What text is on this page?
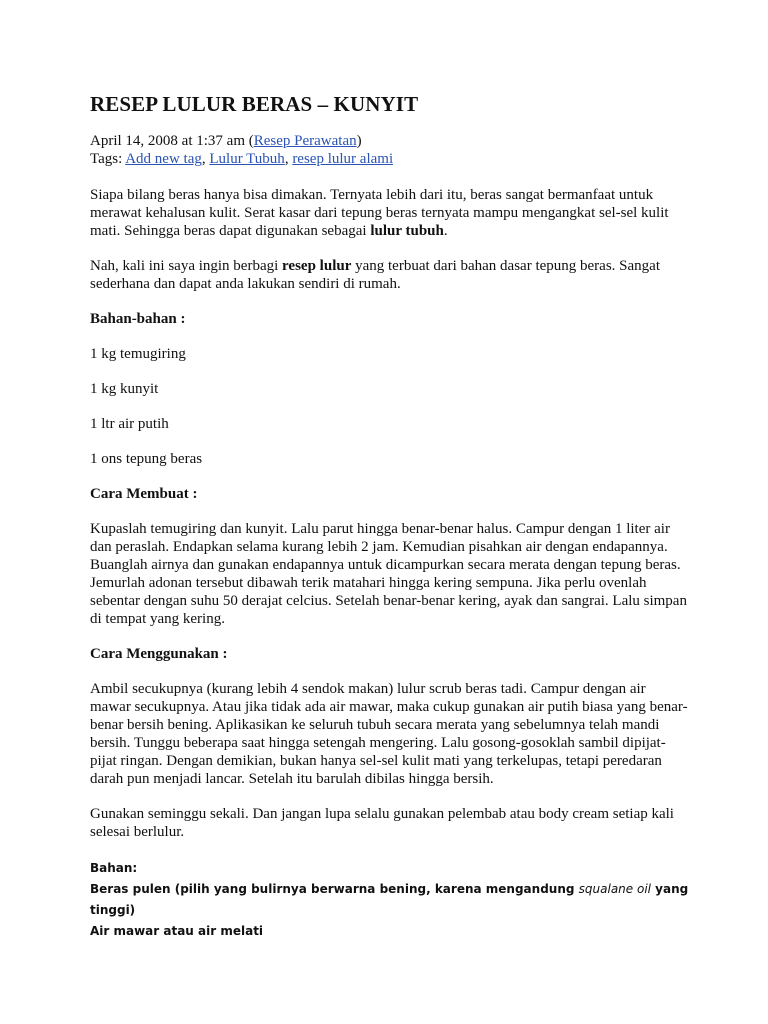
RESEP LULUR BERAS – KUNYIT
April 14, 2008 at 1:37 am (Resep Perawatan)
Tags: Add new tag, Lulur Tubuh, resep lulur alami

Siapa bilang beras hanya bisa dimakan. Ternyata lebih dari itu, beras sangat bermanfaat untuk merawat kehalusan kulit. Serat kasar dari tepung beras ternyata mampu mengangkat sel-sel kulit mati. Sehingga beras dapat digunakan sebagai lulur tubuh.

Nah, kali ini saya ingin berbagi resep lulur yang terbuat dari bahan dasar tepung beras. Sangat sederhana dan dapat anda lakukan sendiri di rumah.

Bahan-bahan :

1 kg temugiring

1 kg kunyit

1 ltr air putih

1 ons tepung beras

Cara Membuat :

Kupaslah temugiring dan kunyit. Lalu parut hingga benar-benar halus. Campur dengan 1 liter air dan peraslah. Endapkan selama kurang lebih 2 jam. Kemudian pisahkan air dengan endapannya. Buanglah airnya dan gunakan endapannya untuk dicampurkan secara merata dengan tepung beras. Jemurlah adonan tersebut dibawah terik matahari hingga kering sempuna. Jika perlu ovenlah sebentar dengan suhu 50 derajat celcius. Setelah benar-benar kering, ayak dan sangrai. Lalu simpan di tempat yang kering.

Cara Menggunakan :

Ambil secukupnya (kurang lebih 4 sendok makan) lulur scrub beras tadi. Campur dengan air mawar secukupnya. Atau jika tidak ada air mawar, maka cukup gunakan air putih biasa yang benar-benar bersih bening. Aplikasikan ke seluruh tubuh secara merata yang sebelumnya telah mandi bersih. Tunggu beberapa saat hingga setengah mengering. Lalu gosong-gosoklah sambil dipijat-pijat ringan. Dengan demikian, bukan hanya sel-sel kulit mati yang terkelupas, tetapi peredaran darah pun menjadi lancar. Setelah itu barulah dibilas hingga bersih.

Gunakan seminggu sekali. Dan jangan lupa selalu gunakan pelembab atau body cream setiap kali selesai berlulur.

Bahan:
Beras pulen (pilih yang bulirnya berwarna bening, karena mengandung squalane oil yang tinggi)
Air mawar atau air melati
